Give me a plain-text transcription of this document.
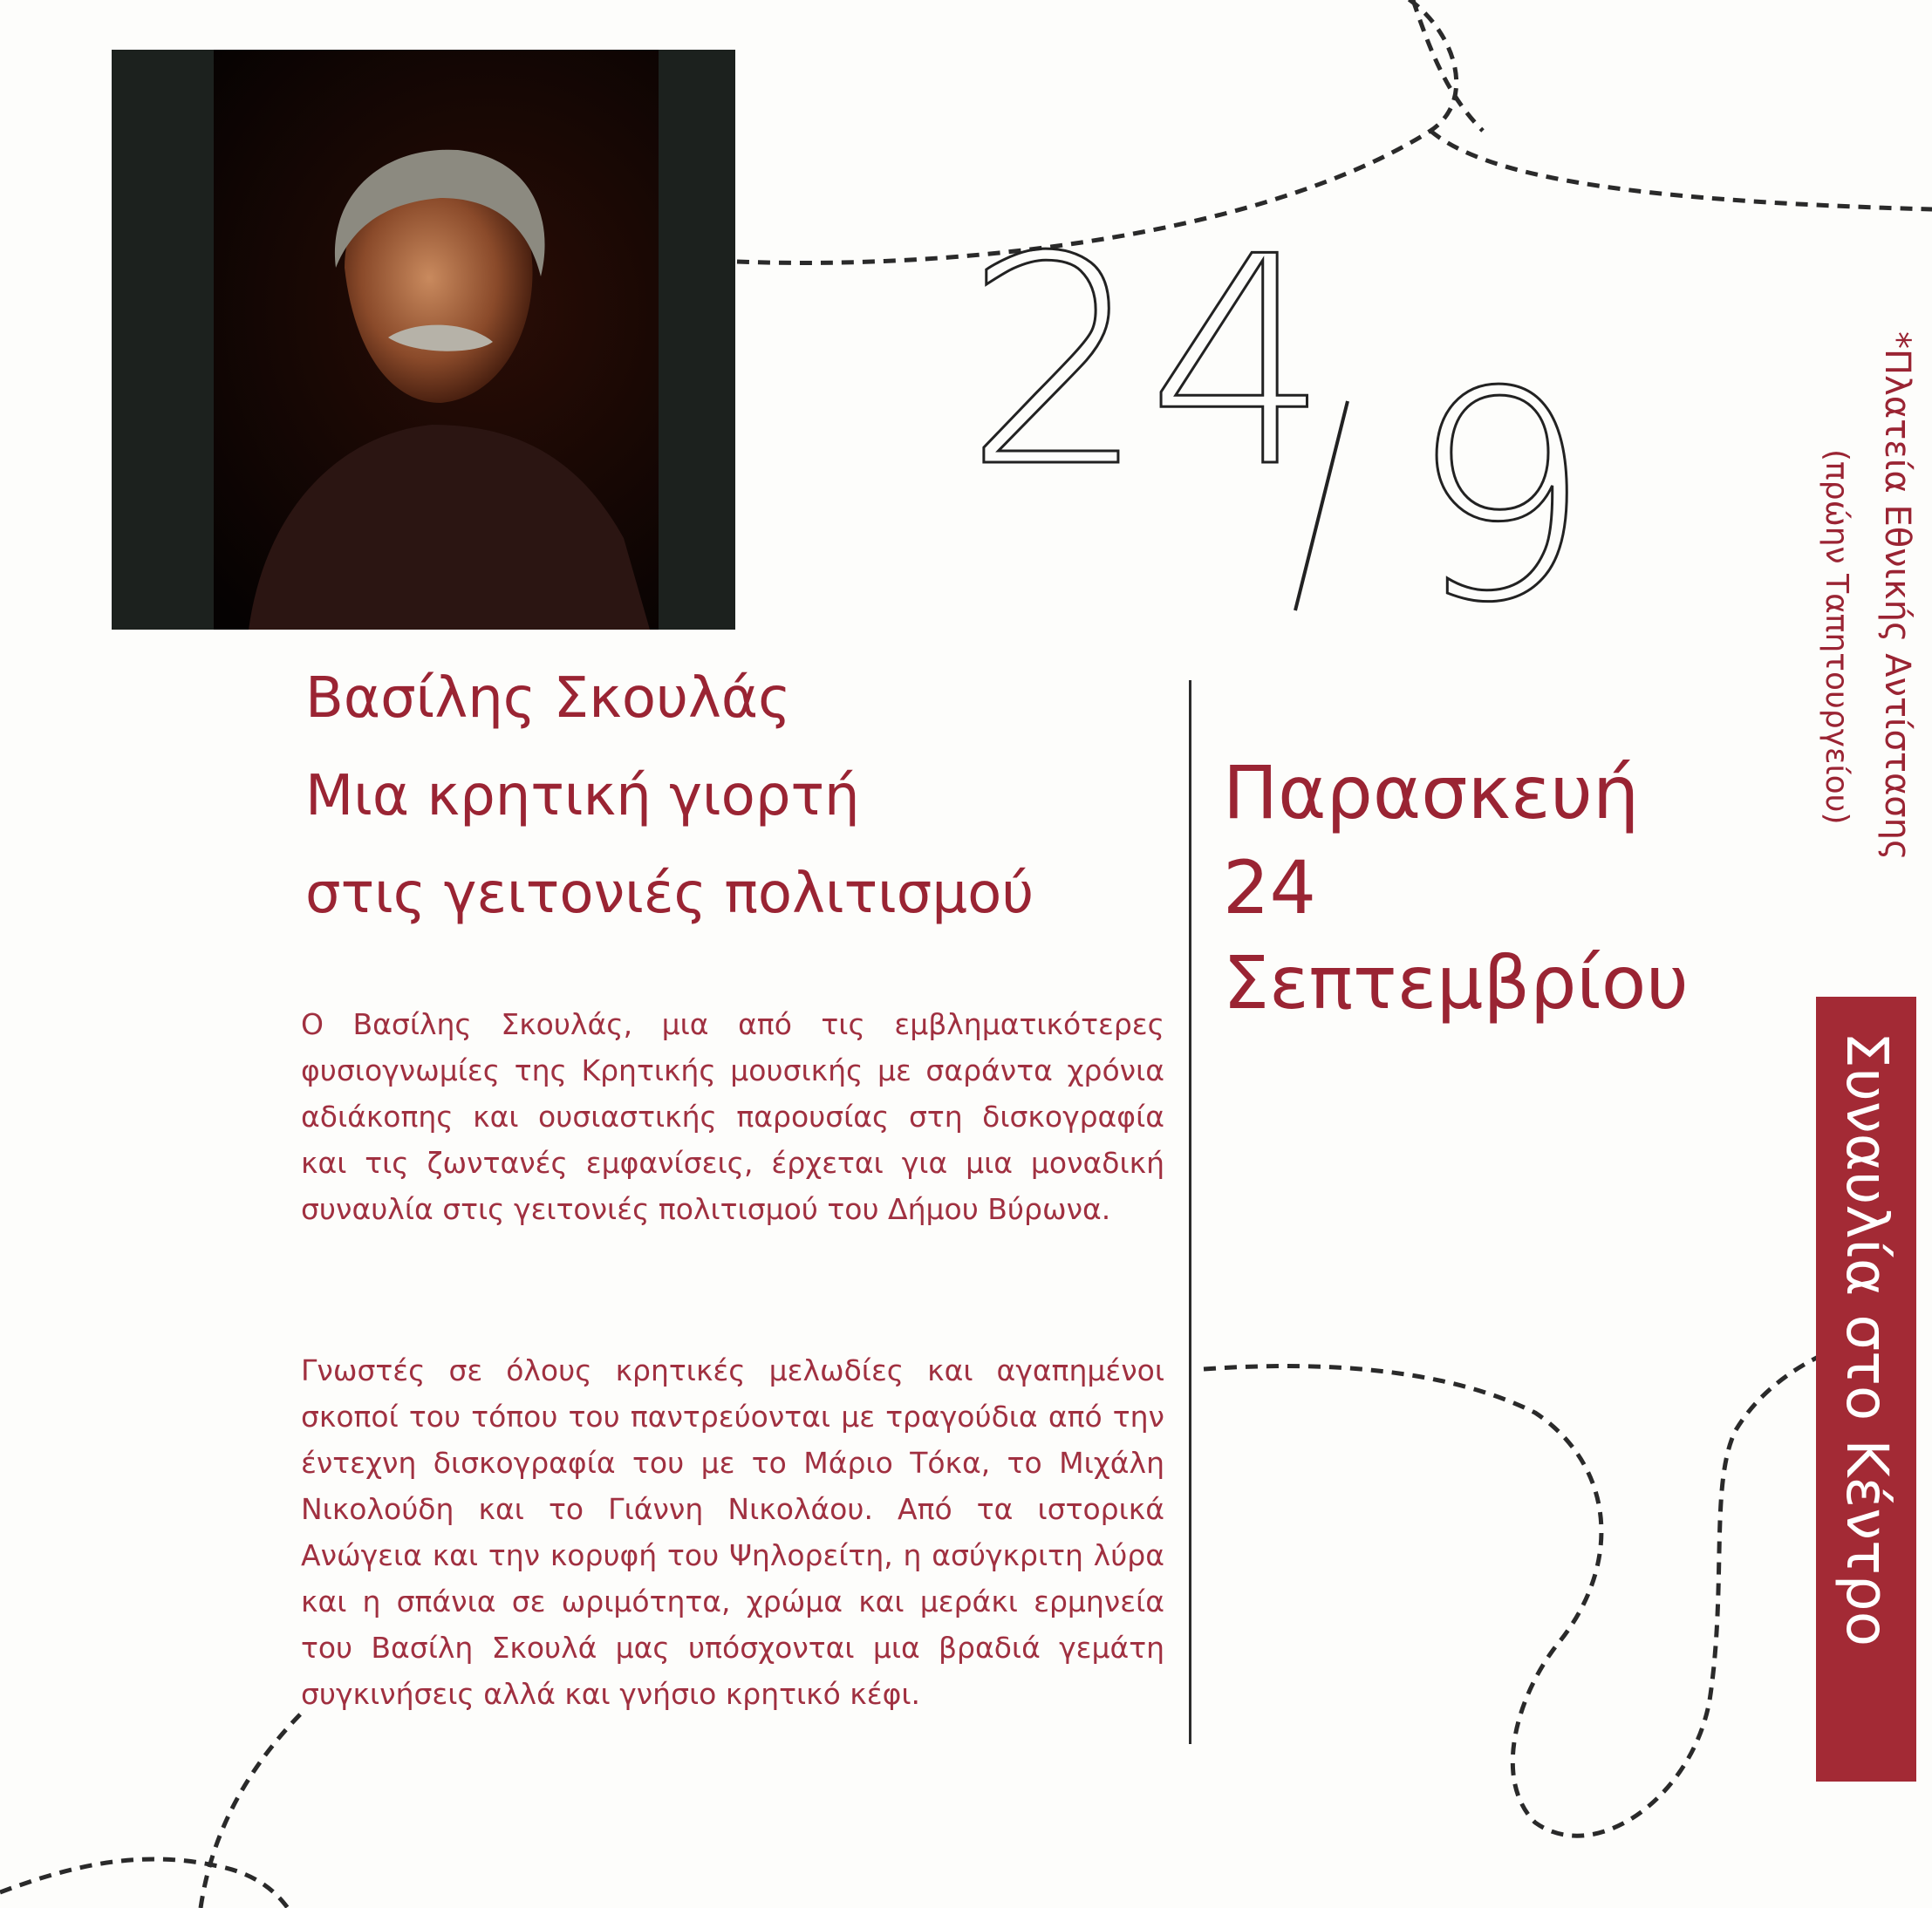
24 9
Βασίλης Σκουλάς
Μια κρητική γιορτή
στις γειτονιές πολιτισμού
Ο Βασίλης Σκουλάς, μια από τις εμβληματικότερες φυσιογνωμίες της Κρητικής μουσικής με σαράντα χρόνια αδιάκοπης και ουσιαστικής παρουσίας στη δισκογραφία και τις ζωντανές εμφανίσεις, έρχεται για μια μοναδική συναυλία στις γειτονιές πολιτισμού του Δήμου Βύρωνα.
Γνωστές σε όλους κρητικές μελωδίες και αγαπημένοι σκοποί του τόπου του παντρεύονται με τραγούδια από την έντεχνη δισκογραφία του με το Μάριο Τόκα, το Μιχάλη Νικολούδη και το Γιάννη Νικολάου. Από τα ιστορικά Ανώγεια και την κορυφή του Ψηλορείτη, η ασύγκριτη λύρα και η σπάνια σε ωριμότητα, χρώμα και μεράκι ερμηνεία του Βασίλη Σκουλά μας υπόσχονται μια βραδιά γεμάτη συγκινήσεις αλλά και γνήσιο κρητικό κέφι.
Παρασκευή
24
Σεπτεμβρίου
*Πλατεία Εθνικής Αντίστασης
(πρώην Ταπητουργείου)
Συναυλία στο Κέντρο
